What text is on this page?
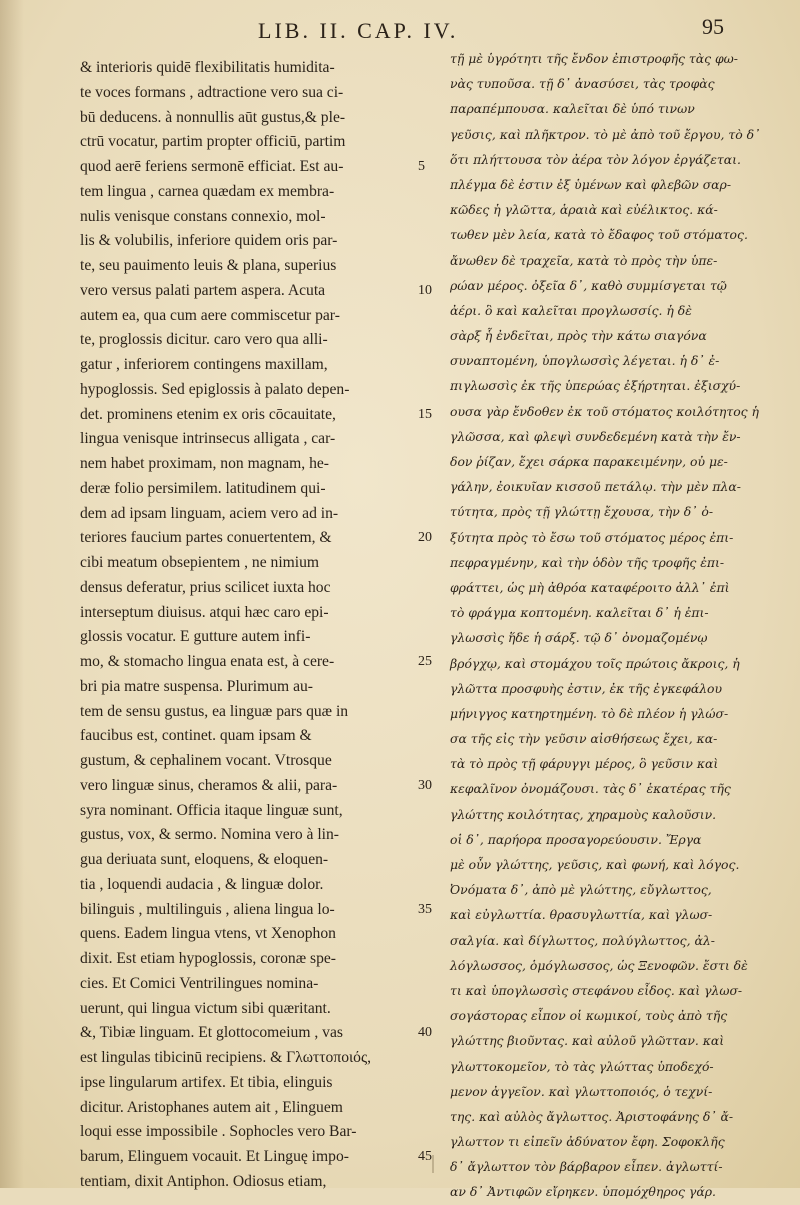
LIB. II. CAP. IV.	95
& interioris quidē flexibilitatis humidita-
te voces formans , adtractione vero sua ci-
bū deducens. à nonnullis aūt gustus,& ple-
ctrū vocatur, partim propter officiū, partim
quod aerē feriens sermonē efficiat. Est au-
tem lingua , carnea quædam ex membra-
nulis venisque constans connexio, mol-
lis & volubilis, inferiore quidem oris par-
te, seu pauimento leuis & plana, superius
vero versus palati partem aspera. Acuta
autem ea, qua cum aere commiscetur par-
te, proglossis dicitur. caro vero qua alli-
gatur , inferiorem contingens maxillam,
hypoglossis. Sed epiglossis à palato depen-
det. prominens etenim ex oris cōcauitate,
lingua venisque intrinsecus alligata , car-
nem habet proximam, non magnam, he-
deræ folio persimilem. latitudinem qui-
dem ad ipsam linguam, aciem vero ad in-
teriores faucium partes conuertentem, &
cibi meatum obsepientem , ne nimium
densus deferatur, prius scilicet iuxta hoc
interseptum diuisus. atqui hæc caro epi-
glossis vocatur. E gutture autem infi-
mo, & stomacho lingua enata est, à cere-
bri pia matre suspensa. Plurimum au-
tem de sensu gustus, ea linguæ pars quæ in
faucibus est, continet. quam ipsam &
gustum, & cephalinem vocant. Vtrosque
vero linguæ sinus, cheramos & alii, para-
syra nominant. Officia itaque linguæ sunt,
gustus, vox, & sermo. Nomina vero à lin-
gua deriuata sunt, eloquens, & eloquen-
tia , loquendi audacia , & linguæ dolor.
bilinguis , multilinguis , aliena lingua lo-
quens. Eadem lingua vtens, vt Xenophon
dixit. Est etiam hypoglossis, coronæ spe-
cies. Et Comici Ventrilingues nomina-
uerunt, qui lingua victum sibi quæritant.
&, Tibiæ linguam. Et glottocomeium , vas
est lingulas tibicinū recipiens. & Γλωττοποιός,
ipse lingularum artifex. Et tibia, elinguis
dicitur. Aristophanes autem ait , Elinguem
loqui esse impossibile . Sophocles vero Bar-
barum, Elinguem vocauit. Et Linguę impo-
tentiam, dixit Antiphon. Odiosus etiam,
5
10
15
20
25
30
35
40
45
τῇ μὲ ὑγρότητι τῆς ἔνδον ἐπιστροφῆς τὰς φω-
νὰς τυποῦσα. τῇ δ᾽ ἀνασύσει, τὰς τροφὰς
παραπέμπουσα. καλεῖται δὲ ὑπό τινων
γεῦσις, καὶ πλῆκτρον. τὸ μὲ ἀπὸ τοῦ ἔργου, τὸ δ᾽
ὅτι πλήττουσα τὸν ἀέρα τὸν λόγον ἐργάζεται.
πλέγμα δὲ ἐστιν ἐξ ὑμένων καὶ φλεβῶν σαρ-
κῶδες ἡ γλῶττα, ἁραιὰ καὶ εὐέλικτος. κά-
τωθεν μὲν λεία, κατὰ τὸ ἔδαφος τοῦ στόματος.
ἄνωθεν δὲ τραχεῖα, κατὰ τὸ πρὸς τὴν ὑπε-
ρώαν μέρος. ὀξεῖα δ᾽, καθὸ συμμίσγεται τῷ
ἀέρι. ὃ καὶ καλεῖται προγλωσσίς. ἡ δὲ
σὰρξ ἧ ἐνδεῖται, πρὸς τὴν κάτω σιαγόνα
συναπτομένη, ὑπογλωσσὶς λέγεται. ἡ δ᾽ ἐ-
πιγλωσσὶς ἐκ τῆς ὑπερώας ἐξήρτηται. ἐξισχύ-
ουσα γὰρ ἔνδοθεν ἐκ τοῦ στόματος κοιλότητος ἡ
γλῶσσα, καὶ φλεψὶ συνδεδεμένη κατὰ τὴν ἔν-
δον ῥίζαν, ἔχει σάρκα παρακειμένην, οὐ με-
γάλην, ἐοικυῖαν κισσοῦ πετάλῳ. τὴν μὲν πλα-
τύτητα, πρὸς τῇ γλώττῃ ἔχουσα, τὴν δ᾽ ὀ-
ξύτητα πρὸς τὸ ἔσω τοῦ στόματος μέρος ἐπι-
πεφραγμένην, καὶ τὴν ὁδὸν τῆς τροφῆς ἐπι-
φράττει, ὡς μὴ ἀθρόα καταφέροιτο ἀλλ᾽ ἐπὶ
τὸ φράγμα κοπτομένη. καλεῖται δ᾽ ἡ ἐπι-
γλωσσὶς ἥδε ἡ σάρξ. τῷ δ᾽ ὀνομαζομένῳ
βρόγχῳ, καὶ στομάχου τοῖς πρώτοις ἄκροις, ἡ
γλῶττα προσφυὴς ἐστιν, ἐκ τῆς ἐγκεφάλου
μήνιγγος κατηρτημένη. τὸ δὲ πλέον ἡ γλώσ-
σα τῆς εἰς τὴν γεῦσιν αἰσθήσεως ἔχει, κα-
τὰ τὸ πρὸς τῇ φάρυγγι μέρος, ὃ γεῦσιν καὶ
κεφαλῖνον ὀνομάζουσι. τὰς δ᾽ ἑκατέρας τῆς
γλώττης κοιλότητας, χηραμοὺς καλοῦσιν.
οἱ δ᾽, παρήορα προσαγορεύουσιν. Ἔργα
μὲ οὖν γλώττης, γεῦσις, καὶ φωνή, καὶ λόγος.
Ὀνόματα δ᾽, ἀπὸ μὲ γλώττης, εὔγλωττος,
καὶ εὐγλωττία. θρασυγλωττία, καὶ γλωσ-
σαλγία. καὶ δίγλωττος, πολύγλωττος, ἀλ-
λόγλωσσος, ὁμόγλωσσος, ὡς Ξενοφῶν. ἔστι δὲ
τι καὶ ὑπογλωσσὶς στεφάνου εἶδος. καὶ γλωσ-
σογάστορας εἶπον οἱ κωμικοί, τοὺς ἀπὸ τῆς
γλώττης βιοῦντας. καὶ αὐλοῦ γλῶτταν. καὶ
γλωττοκομεῖον, τὸ τὰς γλώττας ὑποδεχό-
μενον ἀγγεῖον. καὶ γλωττοποιός, ὁ τεχνί-
της. καὶ αὐλὸς ἄγλωττος. Ἀριστοφάνης δ᾽ ἄ-
γλωττον τι εἰπεῖν ἀδύνατον ἔφη. Σοφοκλῆς
δ᾽ ἄγλωττον τὸν βάρβαρον εἶπεν. ἀγλωττί-
αν δ᾽ Ἀντιφῶν εἴρηκεν. ὑπομόχθηρος γάρ.
